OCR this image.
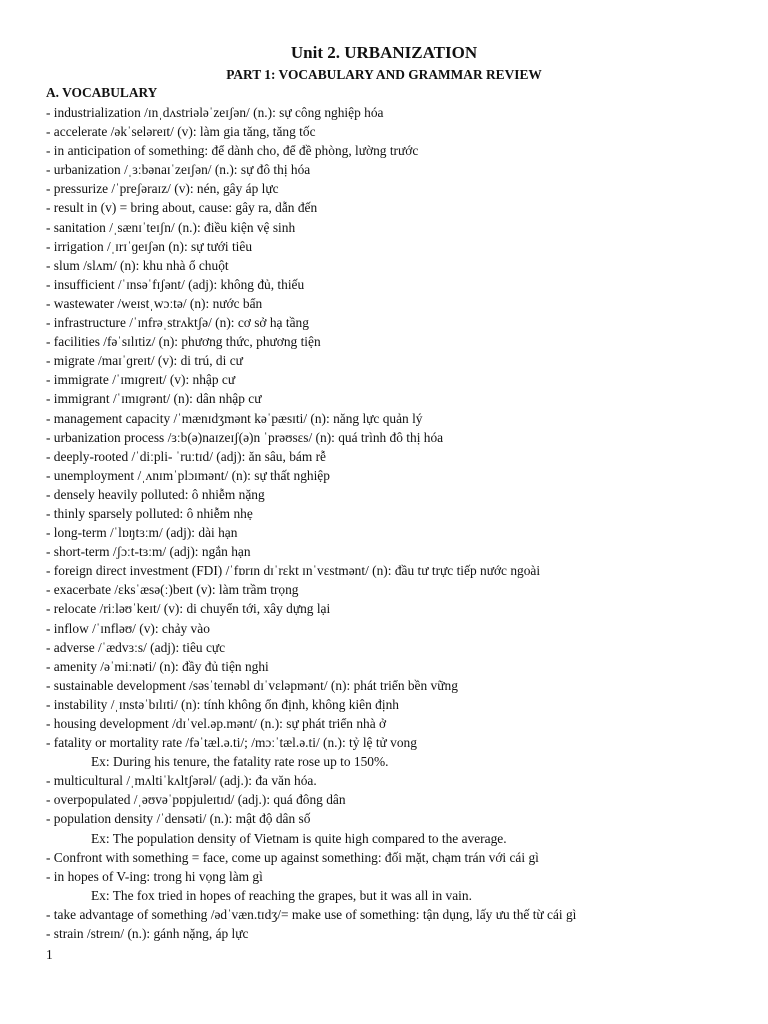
Unit 2. URBANIZATION
PART 1: VOCABULARY AND GRAMMAR REVIEW
A. VOCABULARY
- industrialization /ɪnˌdʌstriələˈzeɪʃən/ (n.): sự công nghiệp hóa
- accelerate /əkˈseləreɪt/ (v): làm gia tăng, tăng tốc
- in anticipation of something: để dành cho, để đề phòng, lường trước
- urbanization /ˌɜːbənaɪˈzeɪʃən/ (n.): sự đô thị hóa
- pressurize /ˈpreʃəraɪz/ (v): nén, gây áp lực
- result in (v) = bring about, cause: gây ra, dẫn đến
- sanitation /ˌsænɪˈteɪʃn/ (n.): điều kiện vệ sinh
- irrigation /ˌɪrɪˈɡeɪʃən (n): sự tưới tiêu
- slum /slʌm/ (n): khu nhà ổ chuột
- insufficient /ˈɪnsəˈfɪʃənt/ (adj): không đủ, thiếu
- wastewater /weɪstˌwɔːtə/ (n): nước bẩn
- infrastructure /ˈɪnfrəˌstrʌktʃə/ (n): cơ sở hạ tầng
- facilities /fəˈsɪlɪtiz/ (n): phương thức, phương tiện
- migrate /maɪˈɡreɪt/ (v): di trú, di cư
- immigrate /ˈɪmɪɡreɪt/ (v): nhập cư
- immigrant /ˈɪmɪɡrənt/ (n): dân nhập cư
- management capacity /ˈmænɪdʒmənt kəˈpæsɪti/ (n): năng lực quản lý
- urbanization process /ɜːb(ə)naɪzeɪʃ(ə)n ˈprəʊsɛs/ (n): quá trình đô thị hóa
- deeply-rooted /ˈdiːpli- ˈruːtɪd/ (adj): ăn sâu, bám rễ
- unemployment /ˌʌnɪmˈplɔɪmənt/ (n): sự thất nghiệp
- densely heavily polluted: ô nhiễm nặng
- thinly sparsely polluted: ô nhiễm nhẹ
- long-term /ˈlɒŋtɜːm/ (adj): dài hạn
- short-term /ʃɔːt-tɜːm/ (adj): ngắn hạn
- foreign direct investment (FDI) /ˈfɒrɪn dɪˈrɛkt ɪnˈvɛstmənt/ (n): đầu tư trực tiếp nước ngoài
- exacerbate /ɛksˈæsə(ː)beɪt (v): làm trầm trọng
- relocate /riːləʊˈkeɪt/ (v): di chuyển tới, xây dựng lại
- inflow /ˈɪnfləʊ/ (v): chảy vào
- adverse /ˈædvɜːs/ (adj): tiêu cực
- amenity /əˈmiːnəti/ (n): đầy đủ tiện nghi
- sustainable development /səsˈteɪnəbl dɪˈvɛləpmənt/ (n): phát triển bền vững
- instability /ˌɪnstəˈbɪlɪti/ (n): tính không ổn định, không kiên định
- housing development /dɪˈvel.əp.mənt/ (n.): sự phát triển nhà ở
- fatality or mortality rate /fəˈtæl.ə.ti/; /mɔːˈtæl.ə.ti/ (n.): tỷ lệ tử vong
Ex: During his tenure, the fatality rate rose up to 150%.
- multicultural /ˌmʌltiˈkʌltʃərəl/ (adj.): đa văn hóa.
- overpopulated /ˌəʊvəˈpɒpjuleɪtɪd/ (adj.): quá đông dân
- population density /ˈdensəti/ (n.): mật độ dân số
Ex: The population density of Vietnam is quite high compared to the average.
- Confront with something = face, come up against something: đối mặt, chạm trán với cái gì
- in hopes of V-ing: trong hi vọng làm gì
Ex: The fox tried in hopes of reaching the grapes, but it was all in vain.
- take advantage of something /ədˈvæn.tɪdʒ/= make use of something: tận dụng, lấy ưu thế từ cái gì
- strain /streɪn/ (n.): gánh nặng, áp lực
1
